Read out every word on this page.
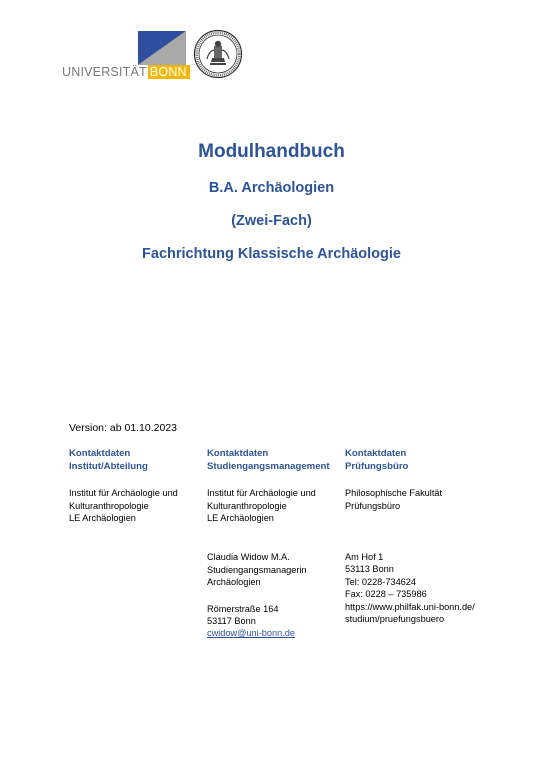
UNIVERSITÄT BONN

Modulhandbuch

B.A. Archäologien

(Zwei-Fach)

Fachrichtung Klassische Archäologie

Version: ab 01.10.2023
Kontaktdaten
Institut/Abteilung
Institut für Archäologie und
Kulturanthropologie
LE Archäologien
Kontaktdaten
Studiengangsmanagement
Institut für Archäologie und
Kulturanthropologie
LE Archäologien
Claudia Widow M.A.
Studiengangsmanagerin
Archäologien
Römerstraße 164
53117 Bonn
cwidow@uni-bonn.de
Kontaktdaten
Prüfungsbüro
Philosophische Fakultät
Prüfungsbüro
Am Hof 1
53113 Bonn
Tel: 0228-734624
Fax: 0228 – 735986
https://www.philfak.uni-bonn.de/
studium/pruefungsbuero
